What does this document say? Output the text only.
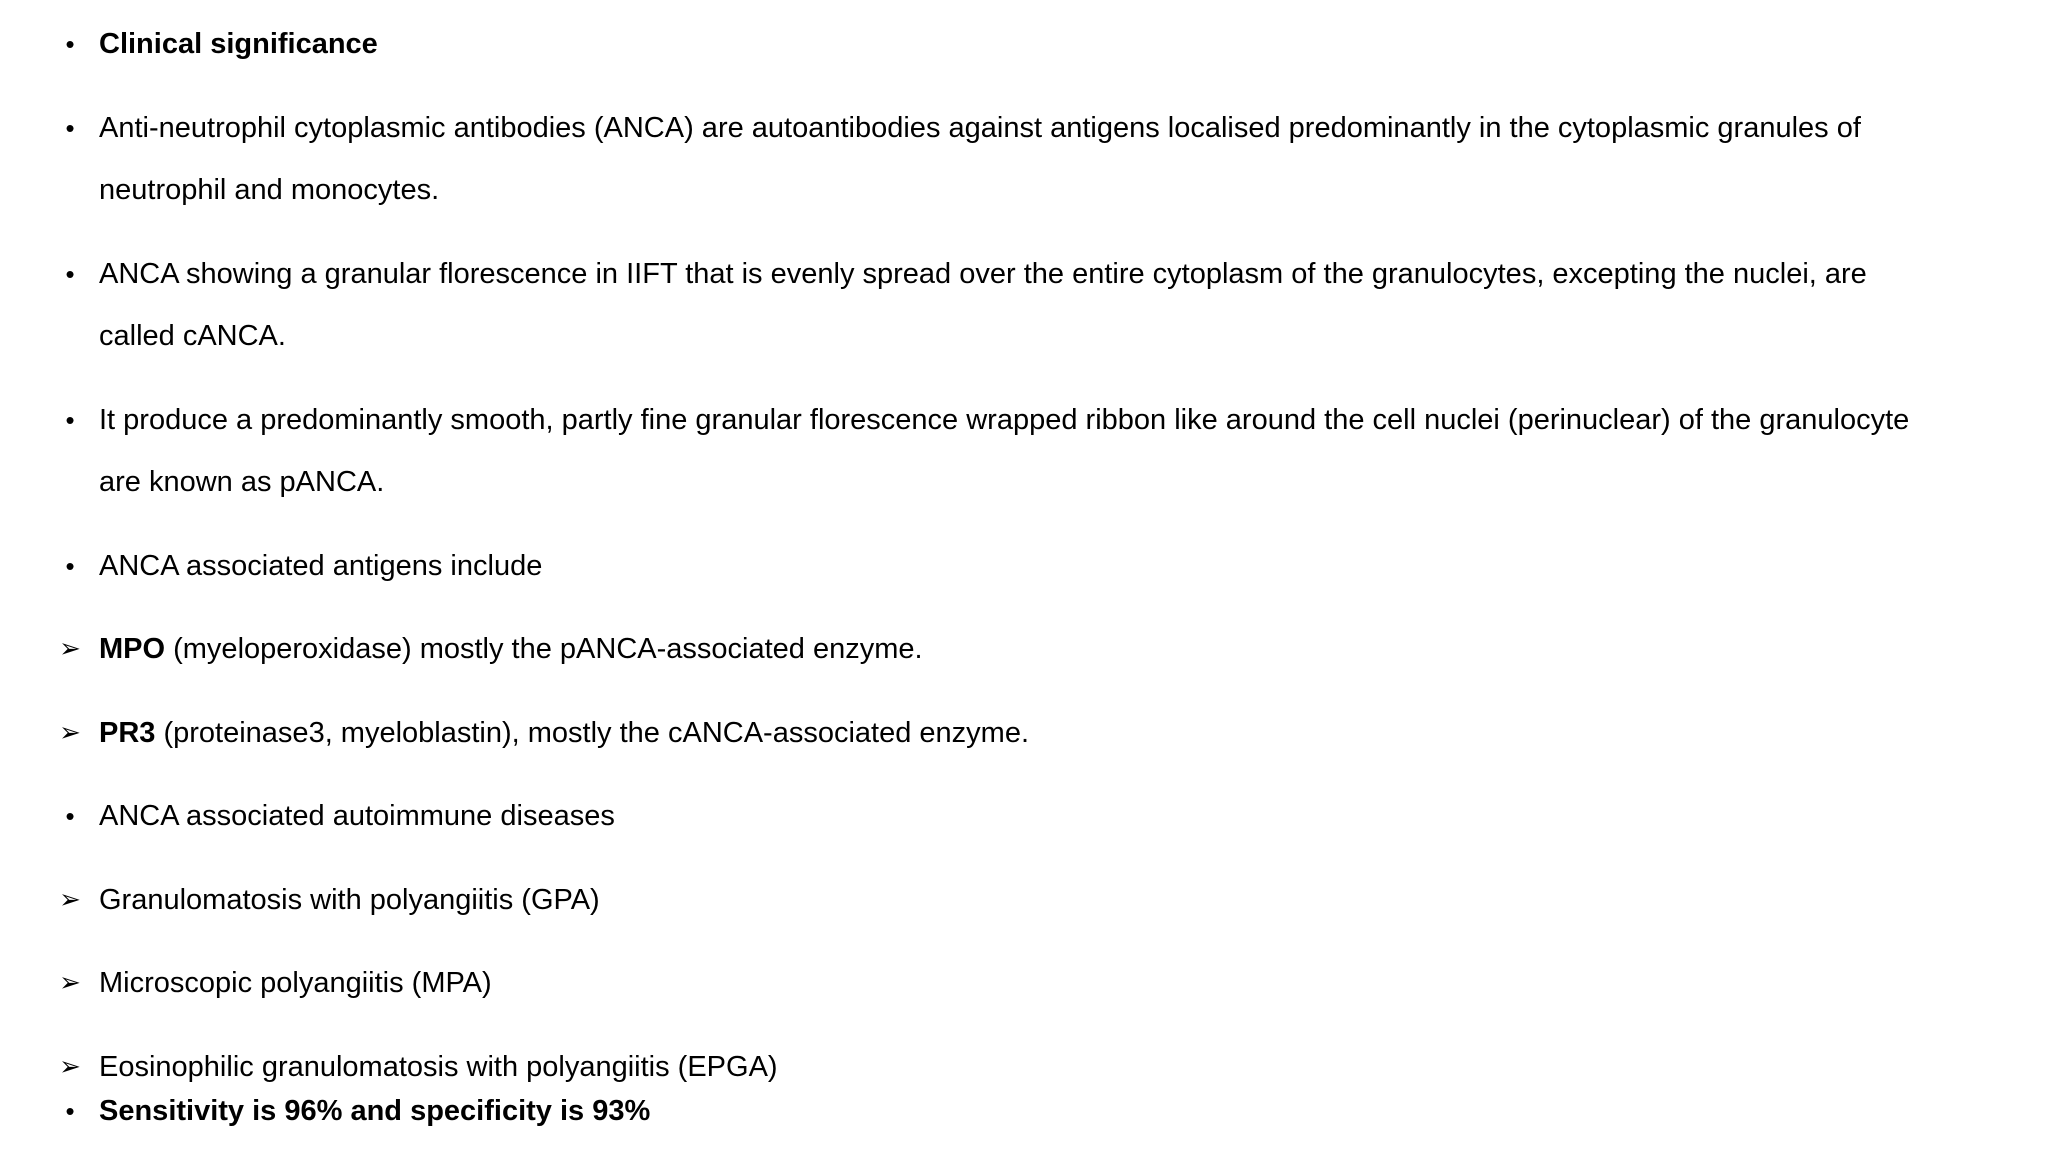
• Clinical significance
• Anti-neutrophil cytoplasmic antibodies (ANCA) are autoantibodies against antigens localised predominantly in the cytoplasmic granules of
neutrophil and monocytes.
• ANCA showing a granular florescence in IIFT that is evenly spread over the entire cytoplasm of the granulocytes, excepting the nuclei, are
called cANCA.
• It produce a predominantly smooth, partly fine granular florescence wrapped ribbon like around the cell nuclei (perinuclear) of the granulocyte
are known as pANCA.
• ANCA associated antigens include
➢ MPO (myeloperoxidase) mostly the pANCA-associated enzyme.
➢ PR3 (proteinase3, myeloblastin), mostly the cANCA-associated enzyme.
• ANCA associated autoimmune diseases
➢ Granulomatosis with polyangiitis (GPA)
➢ Microscopic polyangiitis (MPA)
➢ Eosinophilic granulomatosis with polyangiitis (EPGA)
• Sensitivity is 96% and specificity is 93%
